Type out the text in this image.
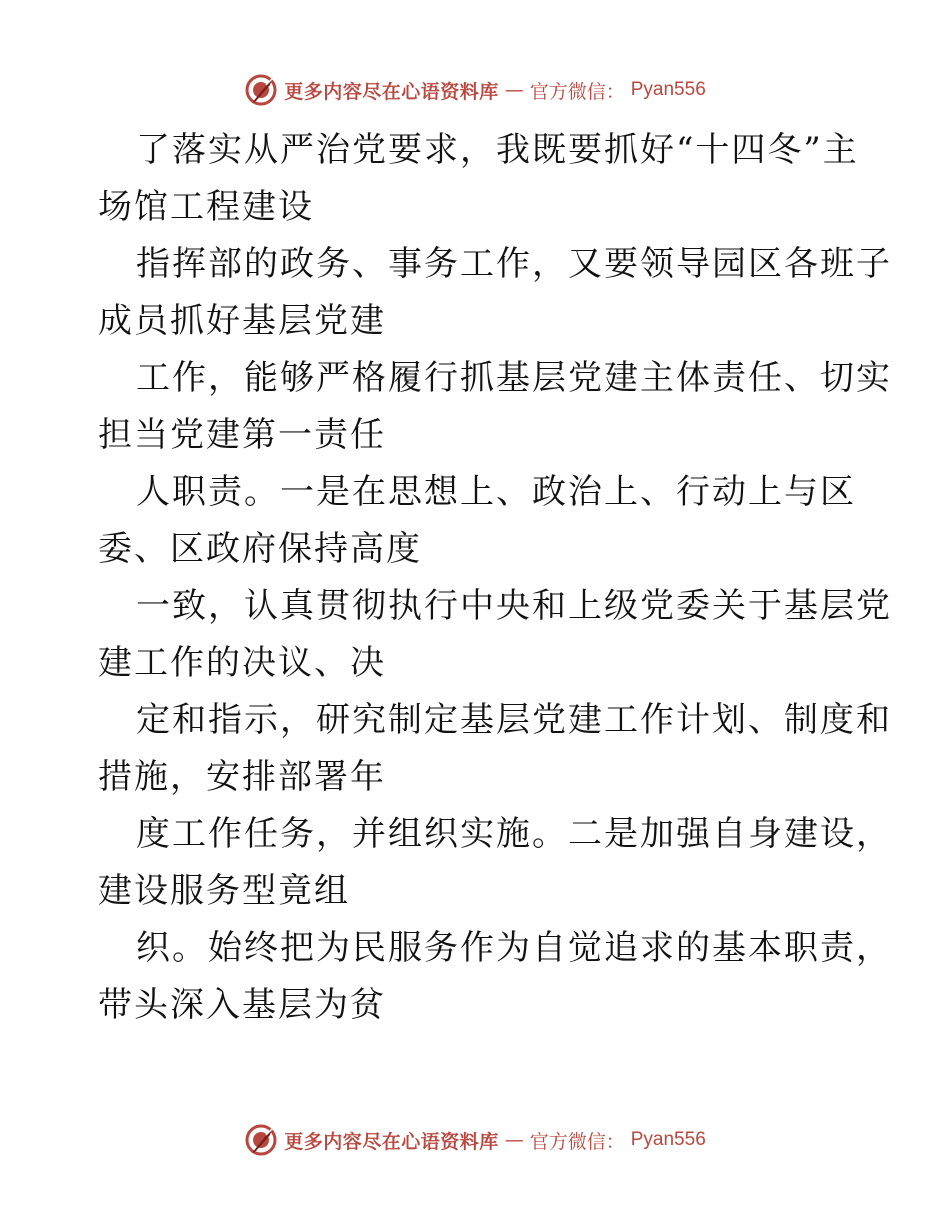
更多内容尽在心语资料库 — 官方微信： Pyan556

了落实从严治党要求，我既要抓好“十四冬”主
场馆工程建设

指挥部的政务、事务工作，又要领导园区各班子
成员抓好基层党建

工作，能够严格履行抓基层党建主体责任、切实
担当党建第一责任

人职责。一是在思想上、政治上、行动上与区
委、区政府保持高度

一致，认真贯彻执行中央和上级党委关于基层党
建工作的决议、决

定和指示，研究制定基层党建工作计划、制度和
措施，安排部署年

度工作任务，并组织实施。二是加强自身建设，
建设服务型竟组

织。始终把为民服务作为自觉追求的基本职责，
带头深入基层为贫

更多内容尽在心语资料库 — 官方微信： Pyan556
